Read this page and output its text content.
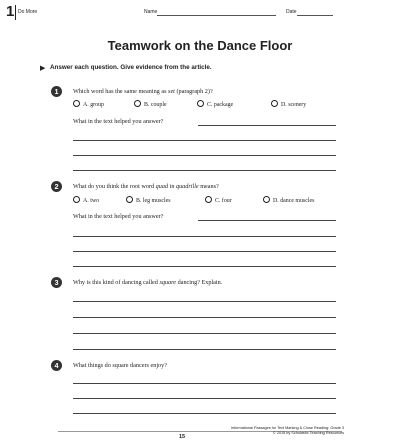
1 Do More	Name	Date
Teamwork on the Dance Floor
▶ Answer each question. Give evidence from the article.
1	Which word has the same meaning as set (paragraph 2)?
A. group	B. couple	C. package	D. scenery
What in the text helped you answer?
2	What do you think the root word quad in quadrille means?
A. two	B. leg muscles	C. four	D. dance muscles
What in the text helped you answer?
3	Why is this kind of dancing called square dancing? Explain.
4	What things do square dancers enjoy?
Informational Passages for Text Marking & Close Reading: Grade 3
© 2015 by Scholastic Teaching Resources
15
